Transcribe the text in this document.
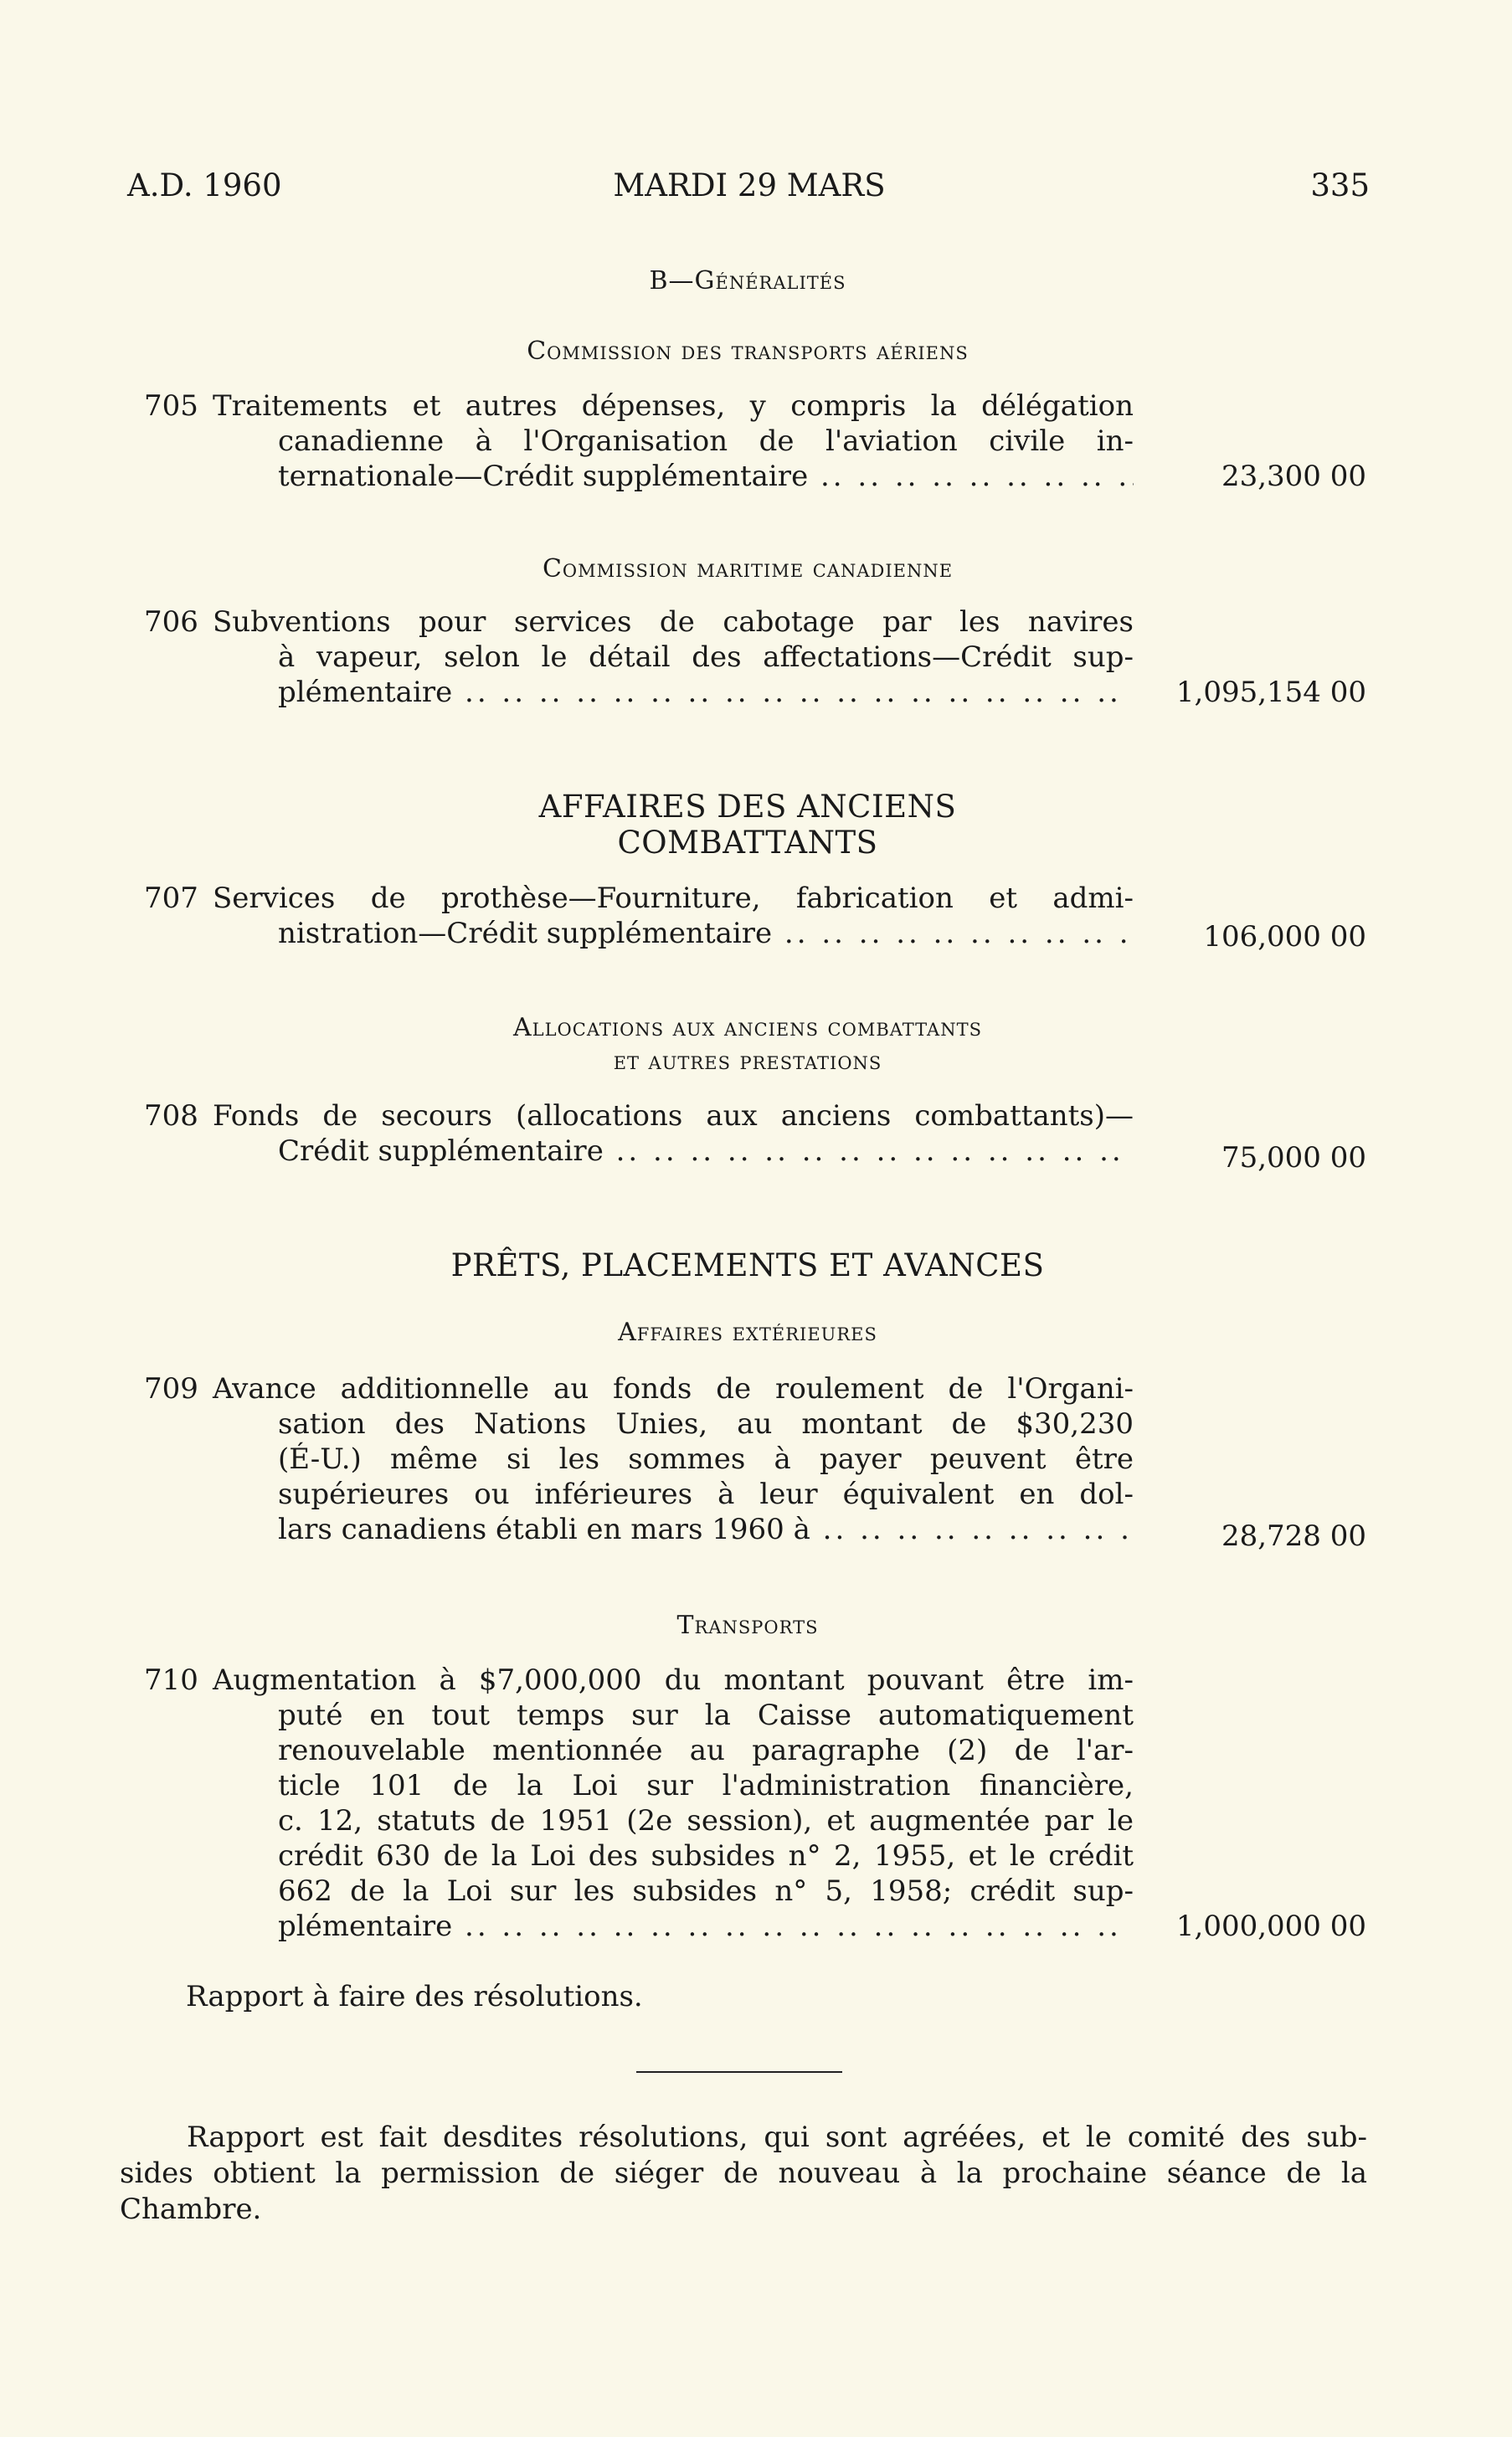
A.D. 1960	MARDI 29 MARS	335
B—Généralités
Commission des transports aériens
705 Traitements et autres dépenses, y compris la délégation
canadienne à l'Organisation de l'aviation civile in-
ternationale—Crédit supplémentaire .. ..	23,300 00
Commission maritime canadienne
706 Subventions pour services de cabotage par les navires
à vapeur, selon le détail des affectations—Crédit sup-
plémentaire .. ..	1,095,154 00
AFFAIRES DES ANCIENS
COMBATTANTS
707 Services de prothèse—Fourniture, fabrication et admi-
nistration—Crédit supplémentaire .. ..	106,000 00
Allocations aux anciens combattants
et autres prestations
708 Fonds de secours (allocations aux anciens combattants)—
Crédit supplémentaire .. ..	75,000 00
PRÊTS, PLACEMENTS ET AVANCES
Affaires extérieures
709 Avance additionnelle au fonds de roulement de l'Organi-
sation des Nations Unies, au montant de $30,230
(É-U.) même si les sommes à payer peuvent être
supérieures ou inférieures à leur équivalent en dol-
lars canadiens établi en mars 1960 à .. ..	28,728 00
Transports
710 Augmentation à $7,000,000 du montant pouvant être im-
puté en tout temps sur la Caisse automatiquement
renouvelable mentionnée au paragraphe (2) de l'ar-
ticle 101 de la Loi sur l'administration financière,
c. 12, statuts de 1951 (2e session), et augmentée par le
crédit 630 de la Loi des subsides n° 2, 1955, et le crédit
662 de la Loi sur les subsides n° 5, 1958; crédit sup-
plémentaire .. ..	1,000,000 00
Rapport à faire des résolutions.
Rapport est fait desdites résolutions, qui sont agréées, et le comité des sub-
sides obtient la permission de siéger de nouveau à la prochaine séance de la
Chambre.
